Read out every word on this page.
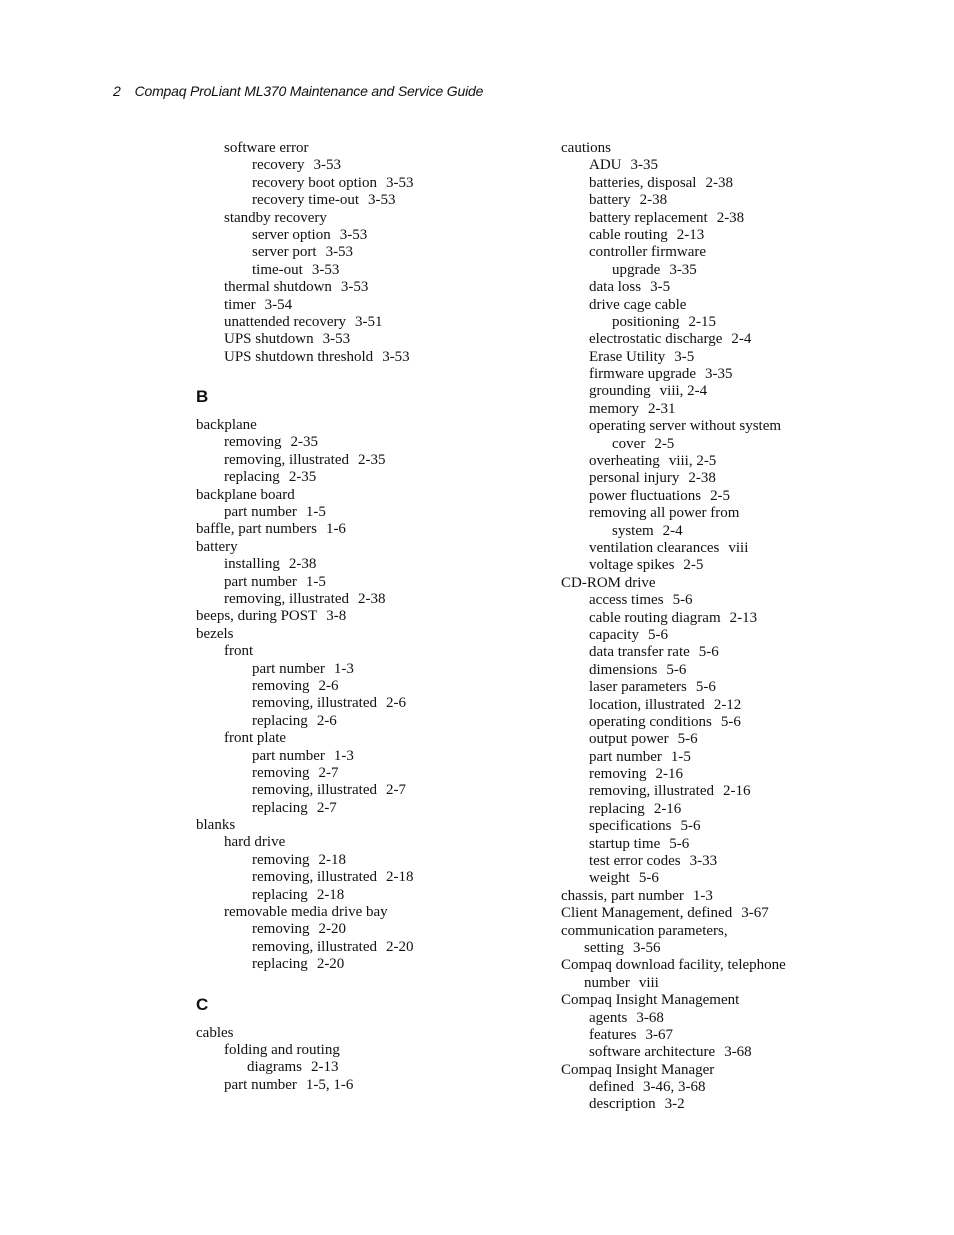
2 Compaq ProLiant ML370 Maintenance and Service Guide
software error
recovery 3-53
recovery boot option 3-53
recovery time-out 3-53
standby recovery
server option 3-53
server port 3-53
time-out 3-53
thermal shutdown 3-53
timer 3-54
unattended recovery 3-51
UPS shutdown 3-53
UPS shutdown threshold 3-53
B
backplane
removing 2-35
removing, illustrated 2-35
replacing 2-35
backplane board
part number 1-5
baffle, part numbers 1-6
battery
installing 2-38
part number 1-5
removing, illustrated 2-38
beeps, during POST 3-8
bezels
front
part number 1-3
removing 2-6
removing, illustrated 2-6
replacing 2-6
front plate
part number 1-3
removing 2-7
removing, illustrated 2-7
replacing 2-7
blanks
hard drive
removing 2-18
removing, illustrated 2-18
replacing 2-18
removable media drive bay
removing 2-20
removing, illustrated 2-20
replacing 2-20
C
cables
folding and routing
diagrams 2-13
part number 1-5, 1-6
cautions
ADU 3-35
batteries, disposal 2-38
battery 2-38
battery replacement 2-38
cable routing 2-13
controller firmware
upgrade 3-35
data loss 3-5
drive cage cable
positioning 2-15
electrostatic discharge 2-4
Erase Utility 3-5
firmware upgrade 3-35
grounding viii, 2-4
memory 2-31
operating server without system
cover 2-5
overheating viii, 2-5
personal injury 2-38
power fluctuations 2-5
removing all power from
system 2-4
ventilation clearances viii
voltage spikes 2-5
CD-ROM drive
access times 5-6
cable routing diagram 2-13
capacity 5-6
data transfer rate 5-6
dimensions 5-6
laser parameters 5-6
location, illustrated 2-12
operating conditions 5-6
output power 5-6
part number 1-5
removing 2-16
removing, illustrated 2-16
replacing 2-16
specifications 5-6
startup time 5-6
test error codes 3-33
weight 5-6
chassis, part number 1-3
Client Management, defined 3-67
communication parameters,
setting 3-56
Compaq download facility, telephone
number viii
Compaq Insight Management
agents 3-68
features 3-67
software architecture 3-68
Compaq Insight Manager
defined 3-46, 3-68
description 3-2
